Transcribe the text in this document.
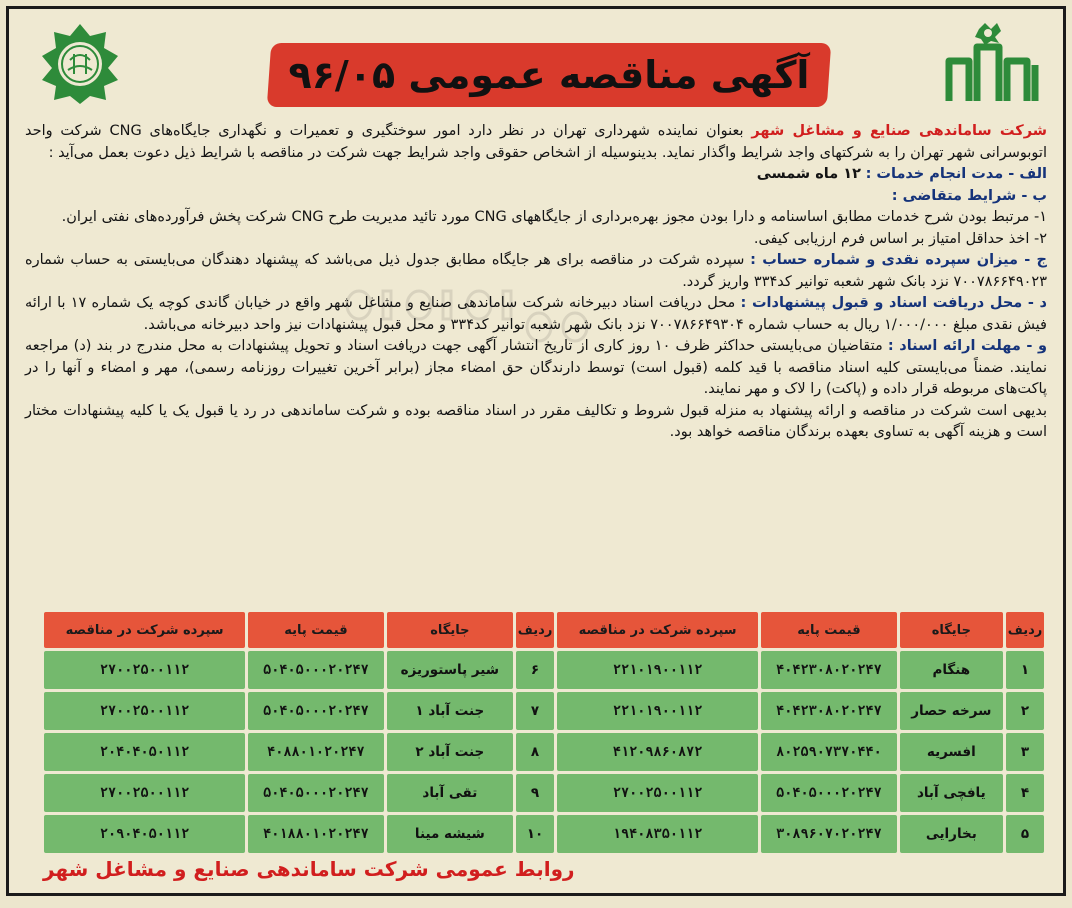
آگهی مناقصه عمومی ۹۶/۰۵

شرکت ساماندهی صنایع و مشاغل شهر بعنوان نماینده شهرداری تهران در نظر دارد امور سوختگیری و تعمیرات و نگهداری جایگاه‌های CNG شرکت واحد اتوبوسرانی شهر تهران را به شرکتهای واجد شرایط واگذار نماید. بدینوسیله از اشخاص حقوقی واجد شرایط جهت شرکت در مناقصه با شرایط ذیل دعوت بعمل می‌آید :

الف - مدت انجام خدمات : ۱۲ ماه شمسی

ب - شرایط متقاضی :

۱- مرتبط بودن شرح خدمات مطابق اساسنامه و دارا بودن مجوز بهره‌برداری از جایگاههای CNG مورد تائید مدیریت طرح CNG شرکت پخش فرآورده‌های نفتی ایران.

۲- اخذ حداقل امتیاز بر اساس فرم ارزیابی کیفی.

ج - میزان سپرده نقدی و شماره حساب : سپرده شرکت در مناقصه برای هر جایگاه مطابق جدول ذیل می‌باشد که پیشنهاد دهندگان می‌بایستی به حساب شماره ۷۰۰۷۸۶۶۴۹۰۲۳ نزد بانک شهر شعبه توانیر کد۳۳۴ واریز گردد.

د - محل دریافت اسناد و قبول پیشنهادات : محل دریافت اسناد دبیرخانه شرکت ساماندهی صنایع و مشاغل شهر واقع در خیابان گاندی کوچه یک شماره ۱۷ با ارائه فیش نقدی مبلغ ۱/۰۰۰/۰۰۰ ریال به حساب شماره ۷۰۰۷۸۶۶۴۹۳۰۴ نزد بانک شهر شعبه توانیر کد۳۳۴ و محل قبول پیشنهادات نیز واحد دبیرخانه می‌باشد.

و - مهلت ارائه اسناد : متقاضیان می‌بایستی حداکثر ظرف ۱۰ روز کاری از تاریخ انتشار آگهی جهت دریافت اسناد و تحویل پیشنهادات به محل مندرج در بند (د) مراجعه نمایند. ضمناً می‌بایستی کلیه اسناد مناقصه با قید کلمه (قبول است) توسط دارندگان حق امضاء مجاز (برابر آخرین تغییرات روزنامه رسمی)، مهر و امضاء و آنها را در پاکت‌های مربوطه قرار داده و (پاکت) را لاک و مهر نمایند.

بدیهی است شرکت در مناقصه و ارائه پیشنهاد به منزله قبول شروط و تکالیف مقرر در اسناد مناقصه بوده و شرکت ساماندهی در رد یا قبول یک یا کلیه پیشنهادات مختار است و هزینه آگهی به تساوی بعهده برندگان مناقصه خواهد بود.

ردیف	جایگاه	قیمت پایه	سپرده شرکت در مناقصه	ردیف	جایگاه	قیمت پایه	سپرده شرکت در مناقصه
۱	هنگام	۴۰۴۲۳۰۸۰۲۰۲۴۷	۲۲۱۰۱۹۰۰۱۱۲	۶	شیر پاستوریزه	۵۰۴۰۵۰۰۰۲۰۲۴۷	۲۷۰۰۲۵۰۰۱۱۲
۲	سرخه حصار	۴۰۴۲۳۰۸۰۲۰۲۴۷	۲۲۱۰۱۹۰۰۱۱۲	۷	جنت آباد ۱	۵۰۴۰۵۰۰۰۲۰۲۴۷	۲۷۰۰۲۵۰۰۱۱۲
۳	افسریه	۸۰۲۵۹۰۷۳۷۰۴۴۰	۴۱۲۰۹۸۶۰۸۷۲	۸	جنت آباد ۲	۴۰۸۸۰۱۰۲۰۲۴۷	۲۰۴۰۴۰۵۰۱۱۲
۴	یافچی آباد	۵۰۴۰۵۰۰۰۲۰۲۴۷	۲۷۰۰۲۵۰۰۱۱۲	۹	تقی آباد	۵۰۴۰۵۰۰۰۲۰۲۴۷	۲۷۰۰۲۵۰۰۱۱۲
۵	بخارایی	۳۰۸۹۶۰۷۰۲۰۲۴۷	۱۹۴۰۸۳۵۰۱۱۲	۱۰	شیشه مینا	۴۰۱۸۸۰۱۰۲۰۲۴۷	۲۰۹۰۴۰۵۰۱۱۲
روابط عمومی شرکت ساماندهی صنایع و مشاغل شهر
